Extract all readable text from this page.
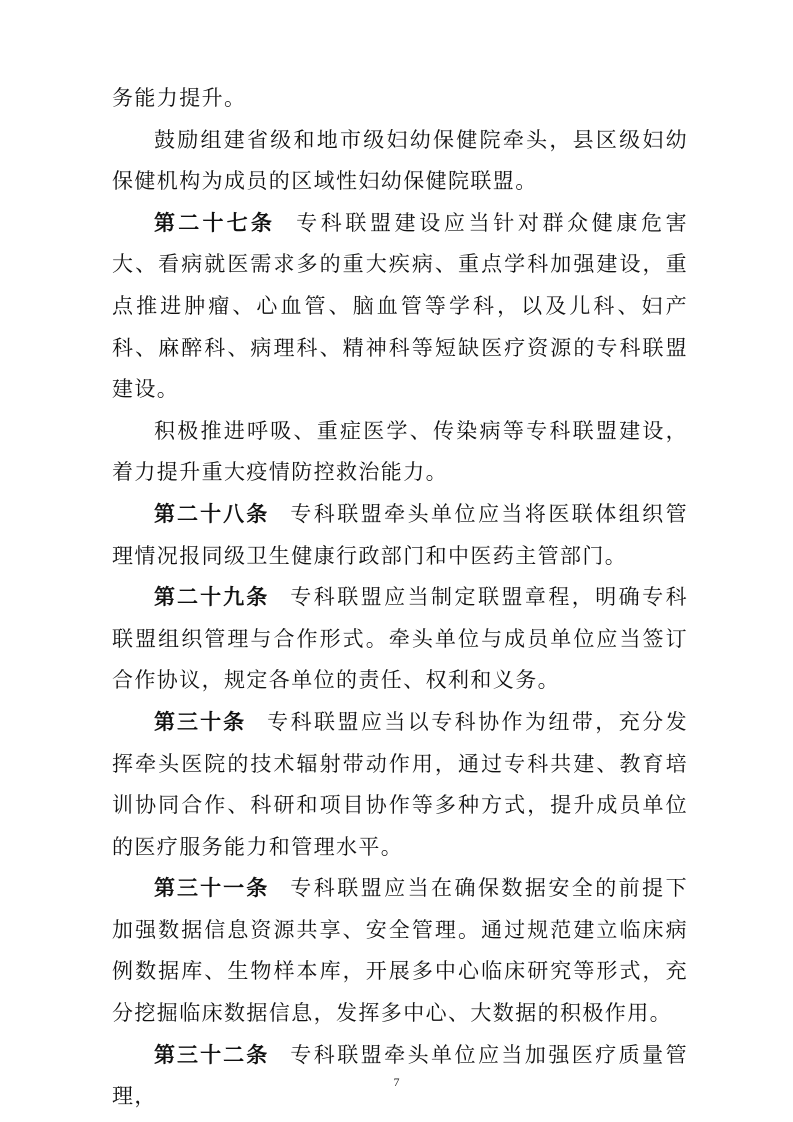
务能力提升。

鼓励组建省级和地市级妇幼保健院牵头，县区级妇幼保健机构为成员的区域性妇幼保健院联盟。

第二十七条 专科联盟建设应当针对群众健康危害大、看病就医需求多的重大疾病、重点学科加强建设，重点推进肿瘤、心血管、脑血管等学科，以及儿科、妇产科、麻醉科、病理科、精神科等短缺医疗资源的专科联盟建设。

积极推进呼吸、重症医学、传染病等专科联盟建设，着力提升重大疫情防控救治能力。

第二十八条 专科联盟牵头单位应当将医联体组织管理情况报同级卫生健康行政部门和中医药主管部门。

第二十九条 专科联盟应当制定联盟章程，明确专科联盟组织管理与合作形式。牵头单位与成员单位应当签订合作协议，规定各单位的责任、权利和义务。

第三十条 专科联盟应当以专科协作为纽带，充分发挥牵头医院的技术辐射带动作用，通过专科共建、教育培训协同合作、科研和项目协作等多种方式，提升成员单位的医疗服务能力和管理水平。

第三十一条 专科联盟应当在确保数据安全的前提下加强数据信息资源共享、安全管理。通过规范建立临床病例数据库、生物样本库，开展多中心临床研究等形式，充分挖掘临床数据信息，发挥多中心、大数据的积极作用。

第三十二条 专科联盟牵头单位应当加强医疗质量管理，

7
